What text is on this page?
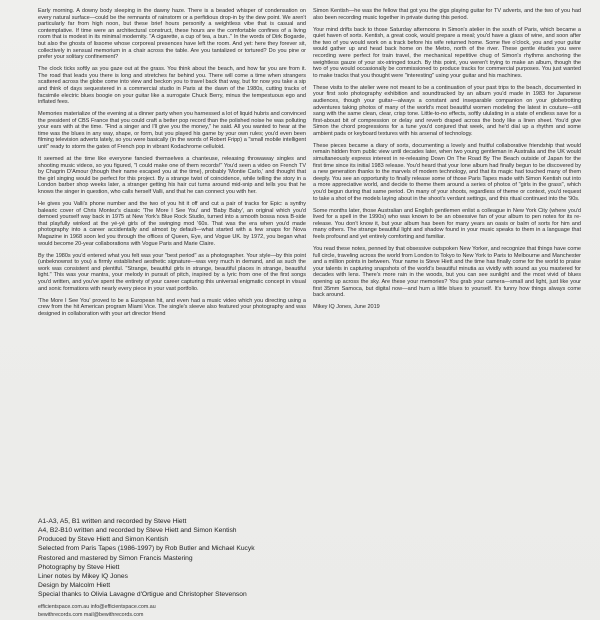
Early morning. A downy body sleeping in the dawny haze. There is a beaded whisper of condensation on every natural surface—could be the remnants of rainstorm or a perfidious drop-in by the dew point. We aren't particularly far from high noon, but these brief hours personify a weightless vibe that is casual and contemplative. If time were an architectural construct, these hours are the comfortable confines of a living room that is modest in its minimal modernity. "A cigarette, a cup of tea, a bun.." In the words of Dirk Bogarde, but also the ghosts of lissome whose corporeal presences have left the room. And yet: here they forever sit, collectively in sensual memorium in a chair across the table. Are you tantalized or tortured? Do you pine or prefer your solitary confinement?

The clock ticks softly as you gaze out at the grass. You think about the beach, and how far you are from it. The road that leads you there is long and stretches far behind you. There will come a time when strangers scattered across the globe come into view and beckon you to travel back that way, but for now you take a sip and think of days sequestered in a commercial studio in Paris at the dawn of the 1980s, cutting tracks of facsimile electric blues boogie on your guitar like a surrogate Chuck Berry, minus the tempestuous ego and inflated fees.

Memories materialize of the evening at a dinner party when you harnessed a lot of liquid hubris and convinced the president of CBS France that you could craft a better pop record than the polished noise he was polluting your ears with at the time. "Find a singer and I'll give you the money," he said. All you wanted to hear at the time was the blues in any way, shape, or form, but you played his game by your own rules; you'd even been filming television adverts lately, so you were basically (in the words of Robert Fripp) a "small mobile intelligent unit" ready to storm the gates of French pop in vibrant Kodachrome celluloid.

It seemed at the time like everyone fancied themselves a chanteuse, releasing throwaway singles and shooting music videos, so you figured, "I could make one of them records!" You'd seen a video on French TV by Chagrin D'Amour (though their name escaped you at the time), probably 'Montie Carlo,' and thought that the girl singing would be perfect for this project. By a strange twist of coincidence, while telling the story in a London barber shop weeks later, a stranger getting his hair cut turns around mid-snip and tells you that he knows the singer in question, who calls herself Valli, and that he can connect you with her.

He gives you Valli's phone number and the two of you hit it off and cut a pair of tracks for Epic: a synthy balearic cover of Chris Montez's classic 'The More I See You' and 'Baby Baby', an original which you'd demoed yourself way back in 1975 at New York's Blue Rock Studio, turned into a smooth bossa nova B-side that playfully winked at the yé-yé girls of the swinging mod '60s. That was the era when you'd made photography into a career accidentally and almost by default—what started with a few snaps for Nova Magazine in 1968 soon led you through the offices of Queen, Eye, and Vogue UK. by 1972, you began what would become 20-year collaborations with Vogue Paris and Marie Claire.

By the 1980s you'd entered what you felt was your "best period" as a photographer. Your style—by this point (unbeknownst to you) a firmly established aesthetic signature—was very much in demand, and as such the work was consistent and plentiful. "Strange, beautiful girls in strange, beautiful places in strange, beautiful light." This was your mantra, your melody in pursuit of pitch, inspired by a lyric from one of the first songs you'd written, and you've spent the entirety of your career capturing this universal enigmatic concept in visual and sonic formations with nearly every piece in your vast portfolio.

'The More I See You' proved to be a European hit, and even had a music video which you directing using a crew from the hit American program Miami Vice. The single's sleeve also featured your photography and was designed in collaboration with your art director friend

Simon Kentish—he was the fellow that got you the gigs playing guitar for TV adverts, and the two of you had also been recording music together in private during this period.

Your mind drifts back to those Saturday afternoons in Simon's atelier in the south of Paris, which became a quiet haven of sorts. Kentish, a great cook, would prepare a meal; you'd have a glass of wine, and soon after the two of you would work on a track before his wife returned home. Some five o'clock, you and your guitar would gather up and head back home on the Metro, north of the river. These gentle études you were recording were perfect for train travel, the mechanical repetitive chug of Simon's rhythms anchoring the weightless gauze of your six-stringed touch. By this point, you weren't trying to make an album, though the two of you would occasionally be commissioned to produce tracks for commercial purposes. You just wanted to make tracks that you thought were "interesting" using your guitar and his machines.

These visits to the atelier were not meant to be a continuation of your past trips to the beach, documented in your first solo photography exhibition and soundtracked by an album you'd made in 1983 for Japanese audiences, though your guitar—always a constant and inseparable companion on your globetrotting adventures taking photos of many of the world's most beautiful women modeling the latest in couture—still sang with the same clean, clear, crisp tone. Little-to-no effects, softly ululating in a state of endless save for a first-aboust bit of compression or delay and reverb draped across the body like a linen sheet. You'd give Simon the chord progressions for a tune you'd conjured that week, and he'd dial up a rhythm and some ambient pads or keyboard textures with his arsenal of technology.

These pieces became a diary of sorts, documenting a lovely and fruitful collaborative friendship that would remain hidden from public view until decades later, when two young gentleman in Australia and the UK would simultaneously express interest in re-releasing Down On The Road By The Beach outside of Japan for the first time since its initial 1983 release. You'd heard that your lone album had finally begun to be discovered by a new generation thanks to the marvels of modern technology, and that its magic had touched many of them deeply. You see an opportunity to finally release some of those Paris Tapes made with Simon Kentish out into a more appreciative world, and decide to theme them around a series of photos of "girls in the grass", which you'd begun during that same period. On many of your shoots, regardless of theme or context, you'd request to take a shot of the models laying about in the shoot's verdant settings, and this ritual continued into the '90s.

Some months later, those Australian and English gentlemen enlist a colleague in New York City (where you'd lived for a spell in the 1990s) who was known to be an obsessive fan of your album to pen notes for its re-release. You don't know it, but your album has been for many years an oasis or balm of sorts for him and many others. The strange beautiful light and shadow found in your music speaks to them in a language that feels profound and yet entirely comforting and familiar.

You read these notes, penned by that obsessive outspoken New Yorker, and recognize that things have come full circle, traveling across the world from London to Tokyo to New York to Paris to Melbourne and Manchester and a million points in between. Your name is Steve Hiett and the time has finally come for the world to praise your talents in capturing snapshots of the world's beautiful minutia as vividly with sound as you mastered for decades with lens. There's more rain in the woods, but you can see sunlight and the most vivid of blues opening up across the sky. Are these your memories? You grab your camera—small and light, just like your first 35mm Samoca, but digital now—and hum a little blues to yourself. It's funny how things always come back around.

Mikey IQ Jones, June 2019

A1-A3, A5, B1 written and recorded by Steve Hiett
A4, B2-B10 written and recorded by Steve Hiett and Simon Kentish
Produced by Steve Hiett and Simon Kentish
Selected from Paris Tapes (1986-1997) by Rob Butler and Michael Kucyk
Restored and mastered by Simon Francis Mastering
Photography by Steve Hiett
Liner notes by Mikey IQ Jones
Design by Malcolm Hiett
Special thanks to Olivia Lavagne d'Ortigue and Christopher Stevenson
efficientspace.com.au info@efficientspace.com.au
bewithrecords.com mail@bewithrecords.com
